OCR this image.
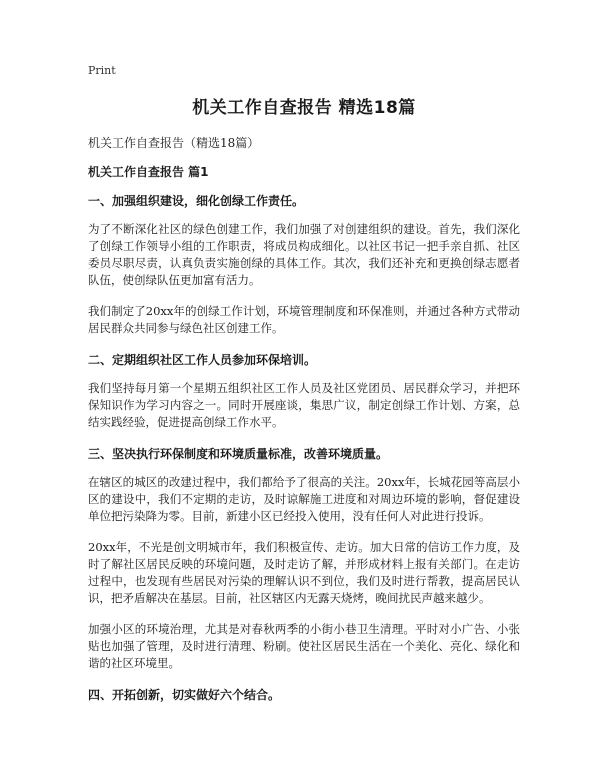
Print
机关工作自查报告 精选18篇
机关工作自查报告（精选18篇）
机关工作自查报告 篇1
一、加强组织建设，细化创绿工作责任。
为了不断深化社区的绿色创建工作，我们加强了对创建组织的建设。首先，我们深化了创绿工作领导小组的工作职责，将成员构成细化。以社区书记一把手亲自抓、社区委员尽职尽责，认真负责实施创绿的具体工作。其次，我们还补充和更换创绿志愿者队伍，使创绿队伍更加富有活力。
我们制定了20xx年的创绿工作计划，环境管理制度和环保准则，并通过各种方式带动居民群众共同参与绿色社区创建工作。
二、定期组织社区工作人员参加环保培训。
我们坚持每月第一个星期五组织社区工作人员及社区党团员、居民群众学习，并把环保知识作为学习内容之一。同时开展座谈，集思广议，制定创绿工作计划、方案，总结实践经验，促进提高创绿工作水平。
三、坚决执行环保制度和环境质量标准，改善环境质量。
在辖区的城区的改建过程中，我们都给予了很高的关注。20xx年，长城花园等高层小区的建设中，我们不定期的走访，及时谅解施工进度和对周边环境的影响，督促建设单位把污染降为零。目前，新建小区已经投入使用，没有任何人对此进行投诉。
20xx年，不光是创文明城市年，我们积极宣传、走访。加大日常的信访工作力度，及时了解社区居民反映的环境问题，及时走访了解，并形成材料上报有关部门。在走访过程中，也发现有些居民对污染的理解认识不到位，我们及时进行帮教，提高居民认识，把矛盾解决在基层。目前，社区辖区内无露天烧烤，晚间扰民声越来越少。
加强小区的环境治理，尤其是对春秋两季的小街小巷卫生清理。平时对小广告、小张贴也加强了管理，及时进行清理、粉刷。使社区居民生活在一个美化、亮化、绿化和谐的社区环境里。
四、开拓创新，切实做好六个结合。
